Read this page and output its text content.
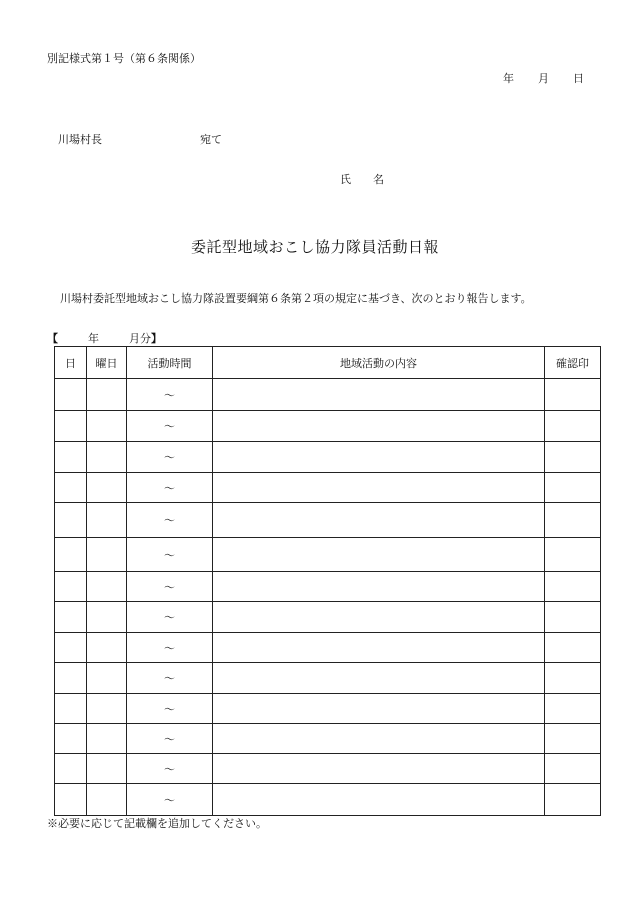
別記様式第１号（第６条関係）
年 月 日
川場村長	宛て
氏 名
委託型地域おこし協力隊員活動日報
川場村委託型地域おこし協力隊設置要綱第６条第２項の規定に基づき、次のとおり報告します。
【	年	月分】
日	曜日	活動時間	地域活動の内容	確認印
		～		
		～		
		～		
		～		
		～		
		～		
		～		
		～		
		～		
		～		
		～		
		～		
		～		
		～		
※必要に応じて記載欄を追加してください。
